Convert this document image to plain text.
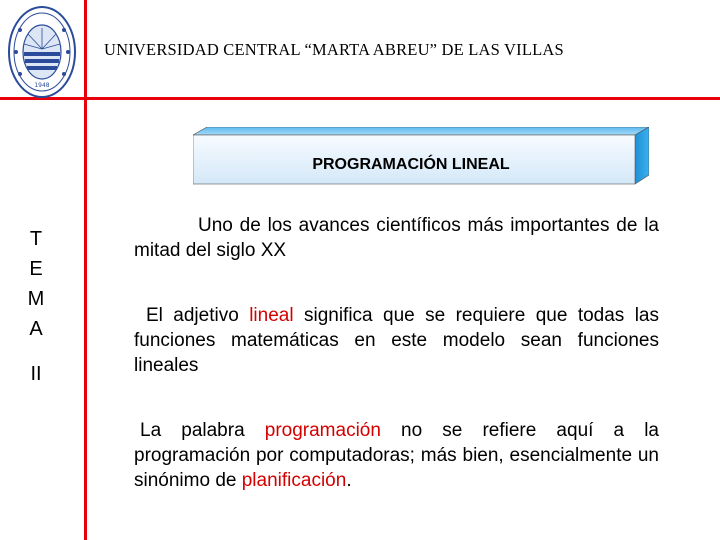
1948
UNIVERSIDAD CENTRAL “MARTA ABREU” DE LAS VILLAS
PROGRAMACIÓN LINEAL
T
E
M
A
II
Uno de los avances científicos más importantes de la mitad del siglo XX
El adjetivo lineal significa que se requiere que todas las funciones matemáticas en este modelo sean funciones lineales
La palabra programación no se refiere aquí a la programación por computadoras; más bien, esencialmente un sinónimo de planificación.
